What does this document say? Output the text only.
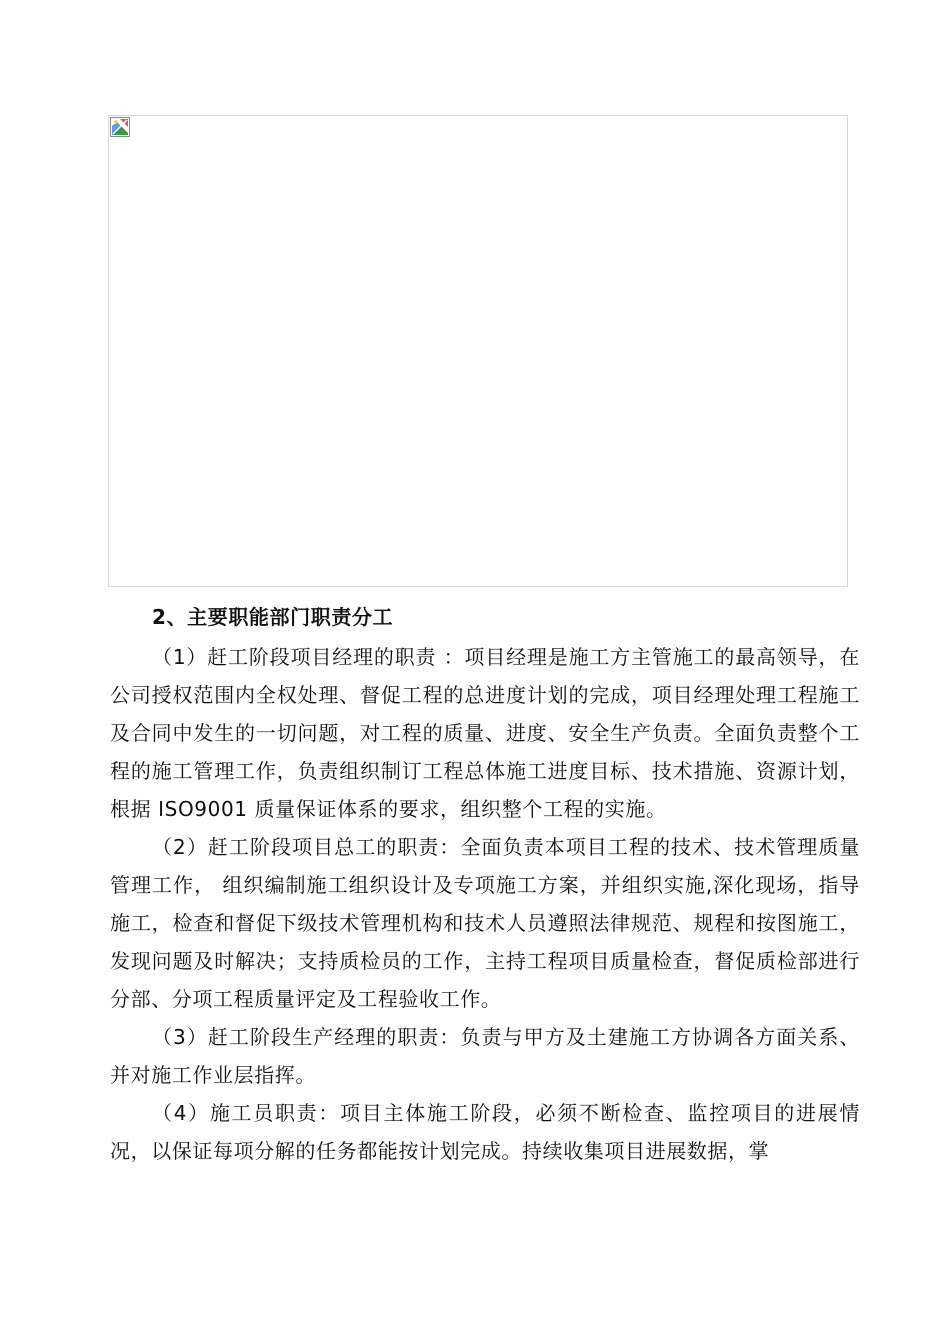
2、主要职能部门职责分工

（1）赶工阶段项目经理的职责 ：项目经理是施工方主管施工的最高领导，在公司授权范围内全权处理、督促工程的总进度计划的完成，项目经理处理工程施工及合同中发生的一切问题，对工程的质量、进度、安全生产负责。全面负责整个工程的施工管理工作，负责组织制订工程总体施工进度目标、技术措施、资源计划，根据 ISO9001 质量保证体系的要求，组织整个工程的实施。

（2）赶工阶段项目总工的职责：全面负责本项目工程的技术、技术管理质量管理工作， 组织编制施工组织设计及专项施工方案，并组织实施,深化现场，指导施工，检查和督促下级技术管理机构和技术人员遵照法律规范、规程和按图施工，发现问题及时解决；支持质检员的工作，主持工程项目质量检查，督促质检部进行分部、分项工程质量评定及工程验收工作。

（3）赶工阶段生产经理的职责：负责与甲方及土建施工方协调各方面关系、并对施工作业层指挥。

（4）施工员职责：项目主体施工阶段，必须不断检查、监控项目的进展情况，以保证每项分解的任务都能按计划完成。持续收集项目进展数据，掌
